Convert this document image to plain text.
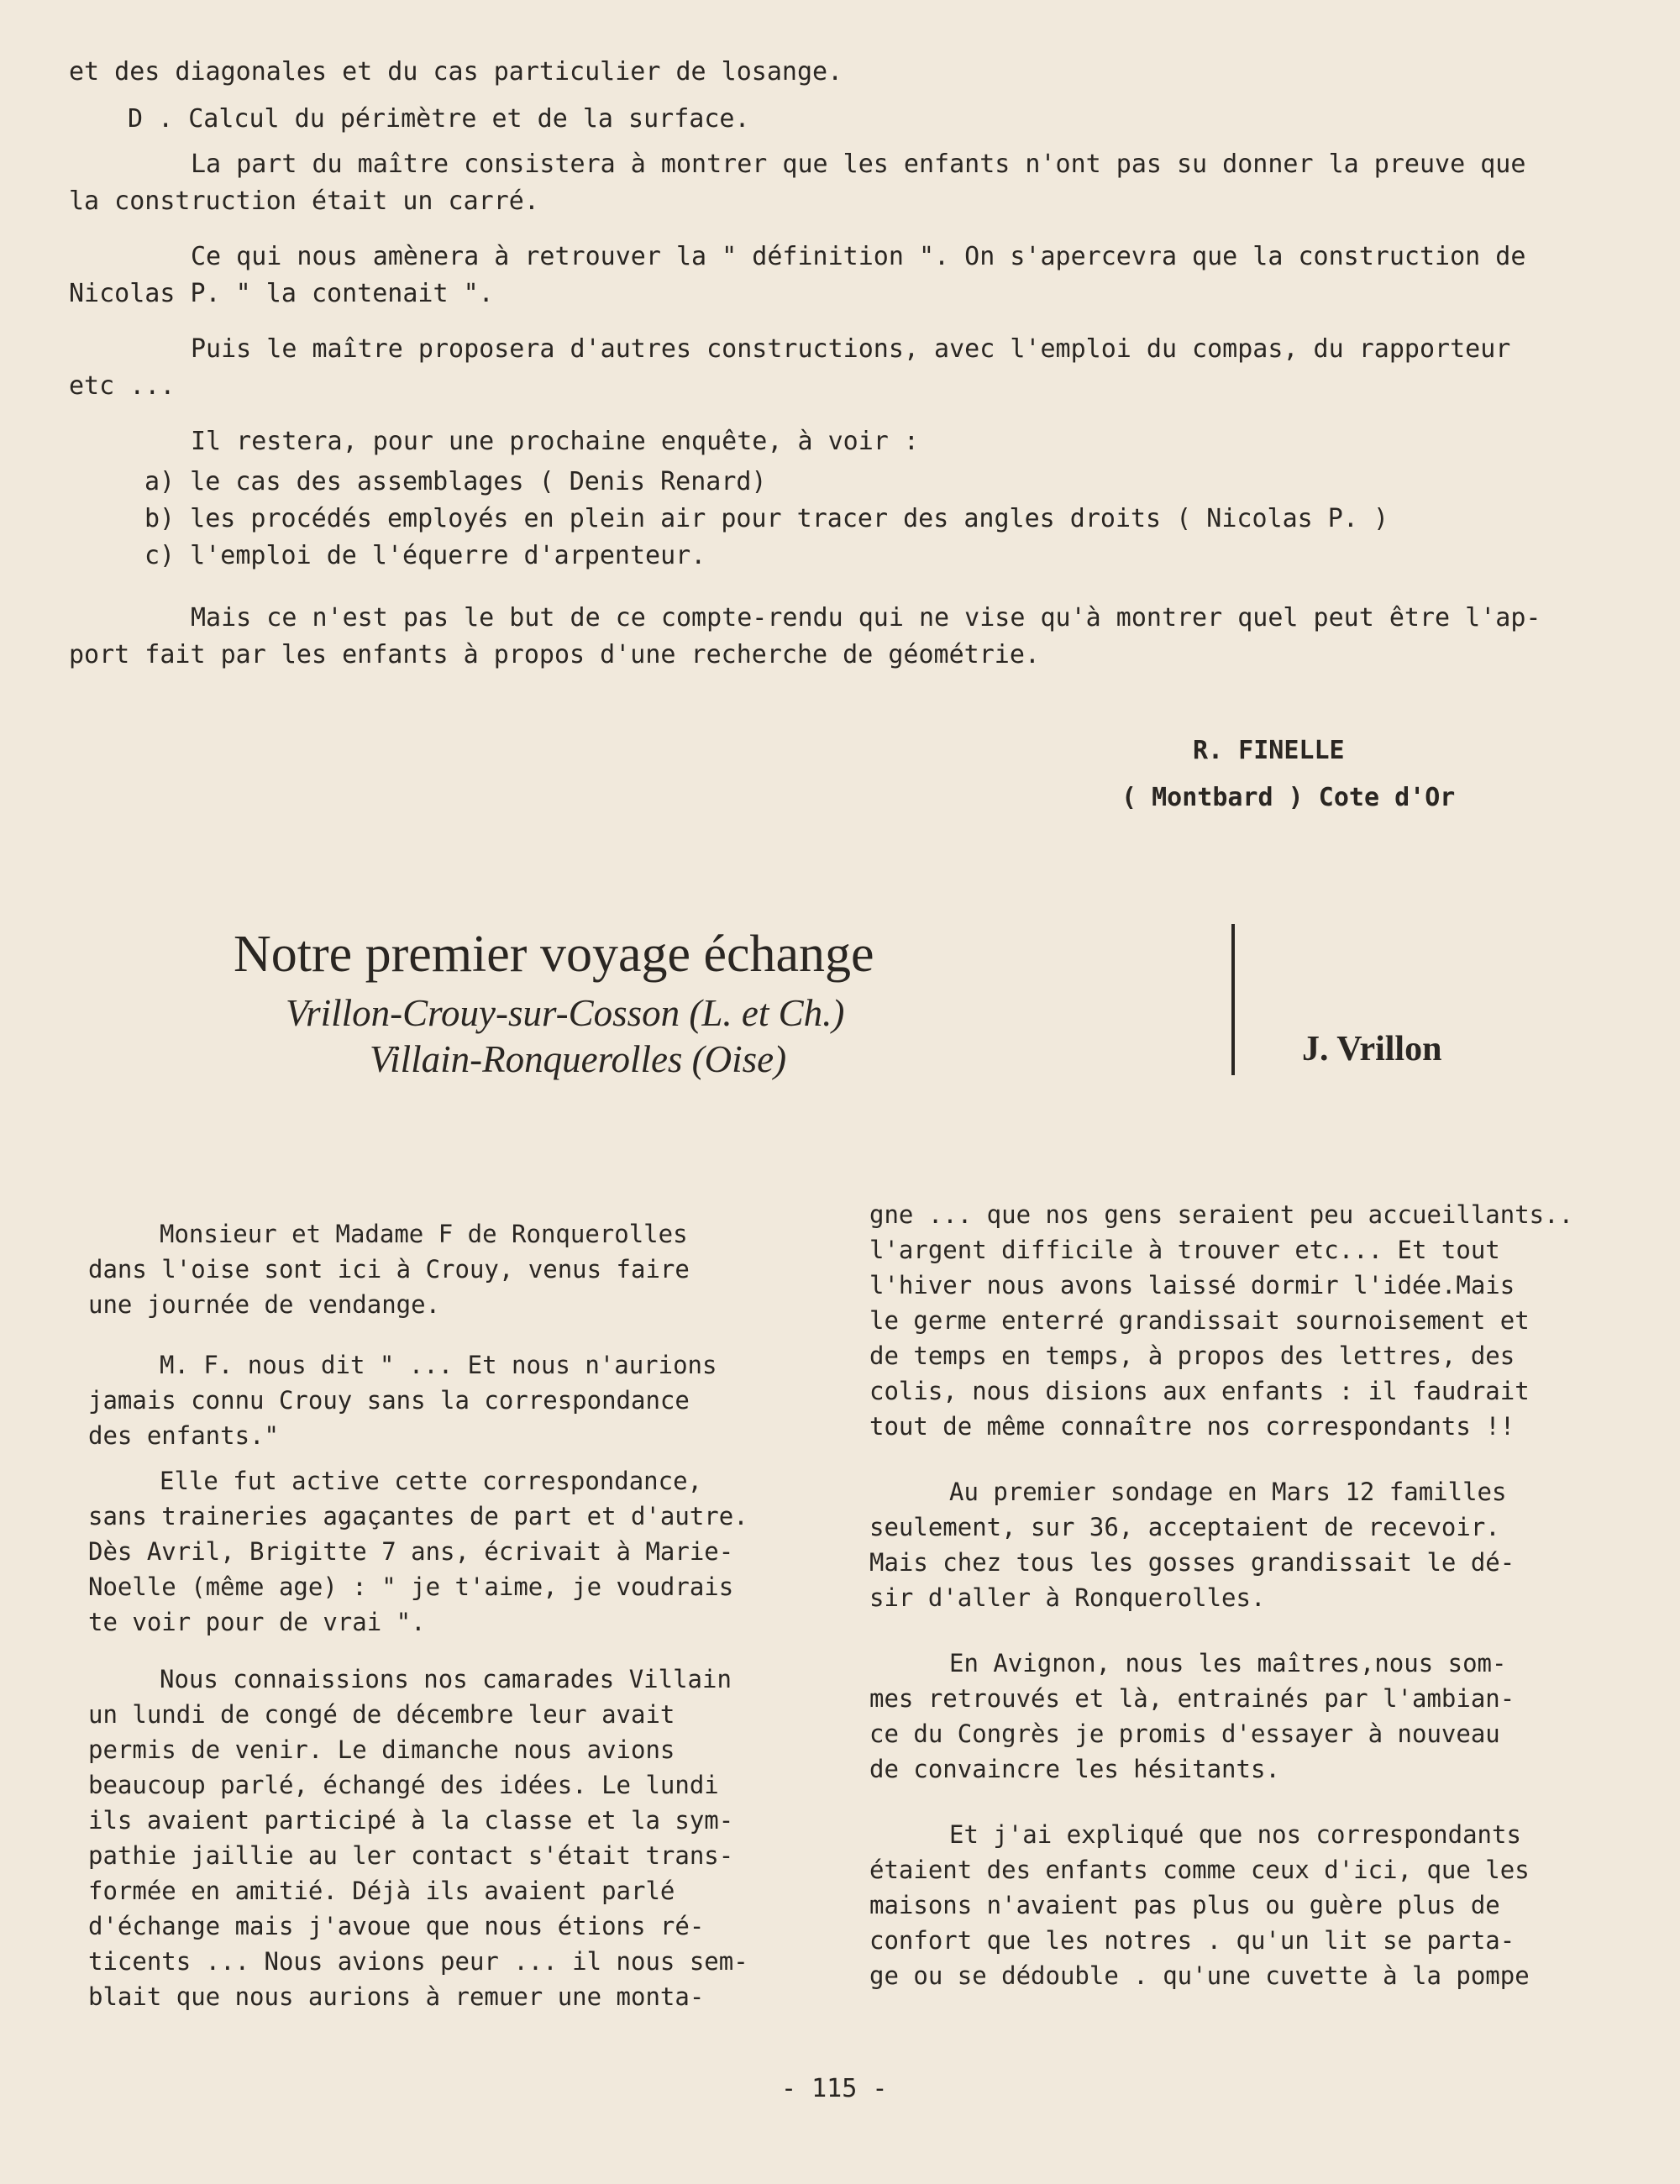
et des diagonales et du cas particulier de losange.
D . Calcul du périmètre et de la surface.
La part du maître consistera à montrer que les enfants n'ont pas su donner la preuve que
la construction était un carré.
Ce qui nous amènera à retrouver la " définition ". On s'apercevra que la construction de
Nicolas P. " la contenait ".
Puis le maître proposera d'autres constructions, avec l'emploi du compas, du rapporteur
etc ...
Il restera, pour une prochaine enquête, à voir :
a) le cas des assemblages ( Denis Renard)
b) les procédés employés en plein air pour tracer des angles droits ( Nicolas P. )
c) l'emploi de l'équerre d'arpenteur.
Mais ce n'est pas le but de ce compte-rendu qui ne vise qu'à montrer quel peut être l'ap-
port fait par les enfants à propos d'une recherche de géométrie.
R. FINELLE
( Montbard ) Cote d'Or
Notre premier voyage échange
Vrillon-Crouy-sur-Cosson (L. et Ch.)
Villain-Ronquerolles (Oise)	J. Vrillon
Monsieur et Madame F de Ronquerolles
dans l'oise sont ici à Crouy, venus faire
une journée de vendange.
M. F. nous dit " ... Et nous n'aurions
jamais connu Crouy sans la correspondance
des enfants."
Elle fut active cette correspondance,
sans traineries agaçantes de part et d'autre.
Dès Avril, Brigitte 7 ans, écrivait à Marie-
Noelle (même age) : " je t'aime, je voudrais
te voir pour de vrai ".
Nous connaissions nos camarades Villain
un lundi de congé de décembre leur avait
permis de venir. Le dimanche nous avions
beaucoup parlé, échangé des idées. Le lundi
ils avaient participé à la classe et la sym-
pathie jaillie au ler contact s'était trans-
formée en amitié. Déjà ils avaient parlé
d'échange mais j'avoue que nous étions ré-
ticents ... Nous avions peur ... il nous sem-
blait que nous aurions à remuer une monta-
gne ... que nos gens seraient peu accueillants..
l'argent difficile à trouver etc... Et tout
l'hiver nous avons laissé dormir l'idée.Mais
le germe enterré grandissait sournoisement et
de temps en temps, à propos des lettres, des
colis, nous disions aux enfants : il faudrait
tout de même connaître nos correspondants !!
Au premier sondage en Mars 12 familles
seulement, sur 36, acceptaient de recevoir.
Mais chez tous les gosses grandissait le dé-
sir d'aller à Ronquerolles.
En Avignon, nous les maîtres,nous som-
mes retrouvés et là, entrainés par l'ambian-
ce du Congrès je promis d'essayer à nouveau
de convaincre les hésitants.
Et j'ai expliqué que nos correspondants
étaient des enfants comme ceux d'ici, que les
maisons n'avaient pas plus ou guère plus de
confort que les notres . qu'un lit se parta-
ge ou se dédouble . qu'une cuvette à la pompe
- 115 -
